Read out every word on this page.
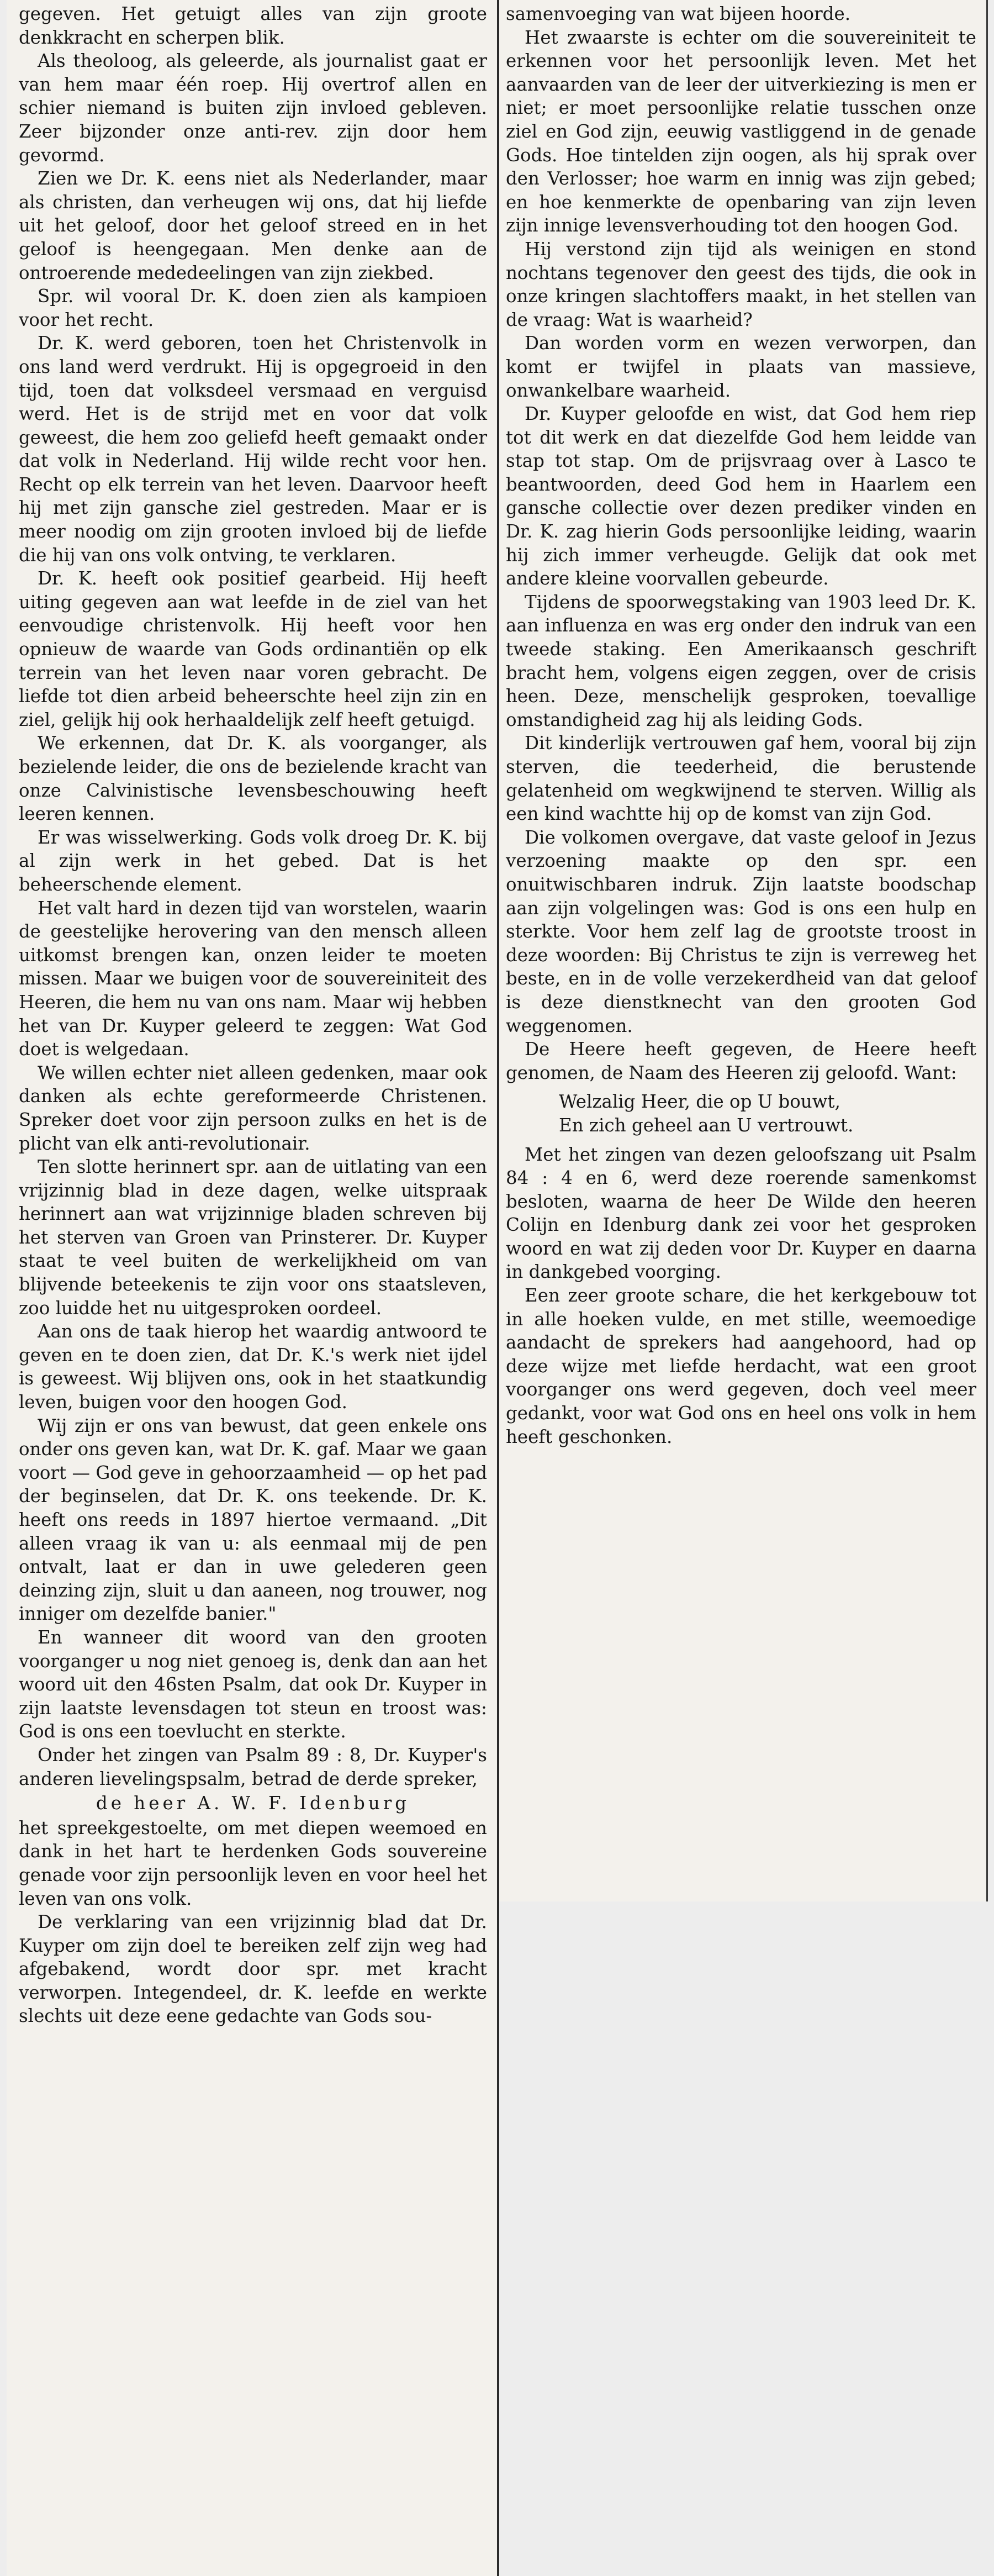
gegeven. Het getuigt alles van zijn groote denkkracht en scherpen blik.

Als theoloog, als geleerde, als journalist gaat er van hem maar één roep. Hij overtrof allen en schier niemand is buiten zijn invloed gebleven. Zeer bijzonder onze anti-rev. zijn door hem gevormd.

Zien we Dr. K. eens niet als Nederlander, maar als christen, dan verheugen wij ons, dat hij liefde uit het geloof, door het geloof streed en in het geloof is heengegaan. Men denke aan de ontroerende mededeelingen van zijn ziekbed.

Spr. wil vooral Dr. K. doen zien als kampioen voor het recht.

Dr. K. werd geboren, toen het Christenvolk in ons land werd verdrukt. Hij is opgegroeid in den tijd, toen dat volksdeel versmaad en verguisd werd. Het is de strijd met en voor dat volk geweest, die hem zoo geliefd heeft gemaakt onder dat volk in Nederland. Hij wilde recht voor hen. Recht op elk terrein van het leven. Daarvoor heeft hij met zijn gansche ziel gestreden. Maar er is meer noodig om zijn grooten invloed bij de liefde die hij van ons volk ontving, te verklaren.

Dr. K. heeft ook positief gearbeid. Hij heeft uiting gegeven aan wat leefde in de ziel van het eenvoudige christenvolk. Hij heeft voor hen opnieuw de waarde van Gods ordinantiën op elk terrein van het leven naar voren gebracht. De liefde tot dien arbeid beheerschte heel zijn zin en ziel, gelijk hij ook herhaaldelijk zelf heeft getuigd.

We erkennen, dat Dr. K. als voorganger, als bezielende leider, die ons de bezielende kracht van onze Calvinistische levensbeschouwing heeft leeren kennen.

Er was wisselwerking. Gods volk droeg Dr. K. bij al zijn werk in het gebed. Dat is het beheerschende element.

Het valt hard in dezen tijd van worstelen, waarin de geestelijke herovering van den mensch alleen uitkomst brengen kan, onzen leider te moeten missen. Maar we buigen voor de souvereiniteit des Heeren, die hem nu van ons nam. Maar wij hebben het van Dr. Kuyper geleerd te zeggen: Wat God doet is welgedaan.

We willen echter niet alleen gedenken, maar ook danken als echte gereformeerde Christenen. Spreker doet voor zijn persoon zulks en het is de plicht van elk anti-revolutionair.

Ten slotte herinnert spr. aan de uitlating van een vrijzinnig blad in deze dagen, welke uitspraak herinnert aan wat vrijzinnige bladen schreven bij het sterven van Groen van Prinsterer. Dr. Kuyper staat te veel buiten de werkelijkheid om van blijvende beteekenis te zijn voor ons staatsleven, zoo luidde het nu uitgesproken oordeel.

Aan ons de taak hierop het waardig antwoord te geven en te doen zien, dat Dr. K.'s werk niet ijdel is geweest. Wij blijven ons, ook in het staatkundig leven, buigen voor den hoogen God.

Wij zijn er ons van bewust, dat geen enkele ons onder ons geven kan, wat Dr. K. gaf. Maar we gaan voort — God geve in gehoorzaamheid — op het pad der beginselen, dat Dr. K. ons teekende. Dr. K. heeft ons reeds in 1897 hiertoe vermaand. „Dit alleen vraag ik van u: als eenmaal mij de pen ontvalt, laat er dan in uwe gelederen geen deinzing zijn, sluit u dan aaneen, nog trouwer, nog inniger om dezelfde banier."

En wanneer dit woord van den grooten voorganger u nog niet genoeg is, denk dan aan het woord uit den 46sten Psalm, dat ook Dr. Kuyper in zijn laatste levensdagen tot steun en troost was: God is ons een toevlucht en sterkte.

Onder het zingen van Psalm 89 : 8, Dr. Kuyper's anderen lievelingspsalm, betrad de derde spreker,

de heer A. W. F. Idenburg

het spreekgestoelte, om met diepen weemoed en dank in het hart te herdenken Gods souvereine genade voor zijn persoonlijk leven en voor heel het leven van ons volk.

De verklaring van een vrijzinnig blad dat Dr. Kuyper om zijn doel te bereiken zelf zijn weg had afgebakend, wordt door spr. met kracht verworpen. Integendeel, dr. K. leefde en werkte slechts uit deze eene gedachte van Gods sou-

samenvoeging van wat bijeen hoorde.

Het zwaarste is echter om die souvereiniteit te erkennen voor het persoonlijk leven. Met het aanvaarden van de leer der uitverkiezing is men er niet; er moet persoonlijke relatie tusschen onze ziel en God zijn, eeuwig vastliggend in de genade Gods. Hoe tintelden zijn oogen, als hij sprak over den Verlosser; hoe warm en innig was zijn gebed; en hoe kenmerkte de openbaring van zijn leven zijn innige levensverhouding tot den hoogen God.

Hij verstond zijn tijd als weinigen en stond nochtans tegenover den geest des tijds, die ook in onze kringen slachtoffers maakt, in het stellen van de vraag: Wat is waarheid?

Dan worden vorm en wezen verworpen, dan komt er twijfel in plaats van massieve, onwankelbare waarheid.

Dr. Kuyper geloofde en wist, dat God hem riep tot dit werk en dat diezelfde God hem leidde van stap tot stap. Om de prijsvraag over à Lasco te beantwoorden, deed God hem in Haarlem een gansche collectie over dezen prediker vinden en Dr. K. zag hierin Gods persoonlijke leiding, waarin hij zich immer verheugde. Gelijk dat ook met andere kleine voorvallen gebeurde.

Tijdens de spoorwegstaking van 1903 leed Dr. K. aan influenza en was erg onder den indruk van een tweede staking. Een Amerikaansch geschrift bracht hem, volgens eigen zeggen, over de crisis heen. Deze, menschelijk gesproken, toevallige omstandigheid zag hij als leiding Gods.

Dit kinderlijk vertrouwen gaf hem, vooral bij zijn sterven, die teederheid, die berustende gelatenheid om wegkwijnend te sterven. Willig als een kind wachtte hij op de komst van zijn God.

Die volkomen overgave, dat vaste geloof in Jezus verzoening maakte op den spr. een onuitwischbaren indruk. Zijn laatste boodschap aan zijn volgelingen was: God is ons een hulp en sterkte. Voor hem zelf lag de grootste troost in deze woorden: Bij Christus te zijn is verreweg het beste, en in de volle verzekerdheid van dat geloof is deze dienstknecht van den grooten God weggenomen.

De Heere heeft gegeven, de Heere heeft genomen, de Naam des Heeren zij geloofd. Want:

Welzalig Heer, die op U bouwt,

En zich geheel aan U vertrouwt.

Met het zingen van dezen geloofszang uit Psalm 84 : 4 en 6, werd deze roerende samenkomst besloten, waarna de heer De Wilde den heeren Colijn en Idenburg dank zei voor het gesproken woord en wat zij deden voor Dr. Kuyper en daarna in dankgebed voorging.

Een zeer groote schare, die het kerkgebouw tot in alle hoeken vulde, en met stille, weemoedige aandacht de sprekers had aangehoord, had op deze wijze met liefde herdacht, wat een groot voorganger ons werd gegeven, doch veel meer gedankt, voor wat God ons en heel ons volk in hem heeft geschonken.
